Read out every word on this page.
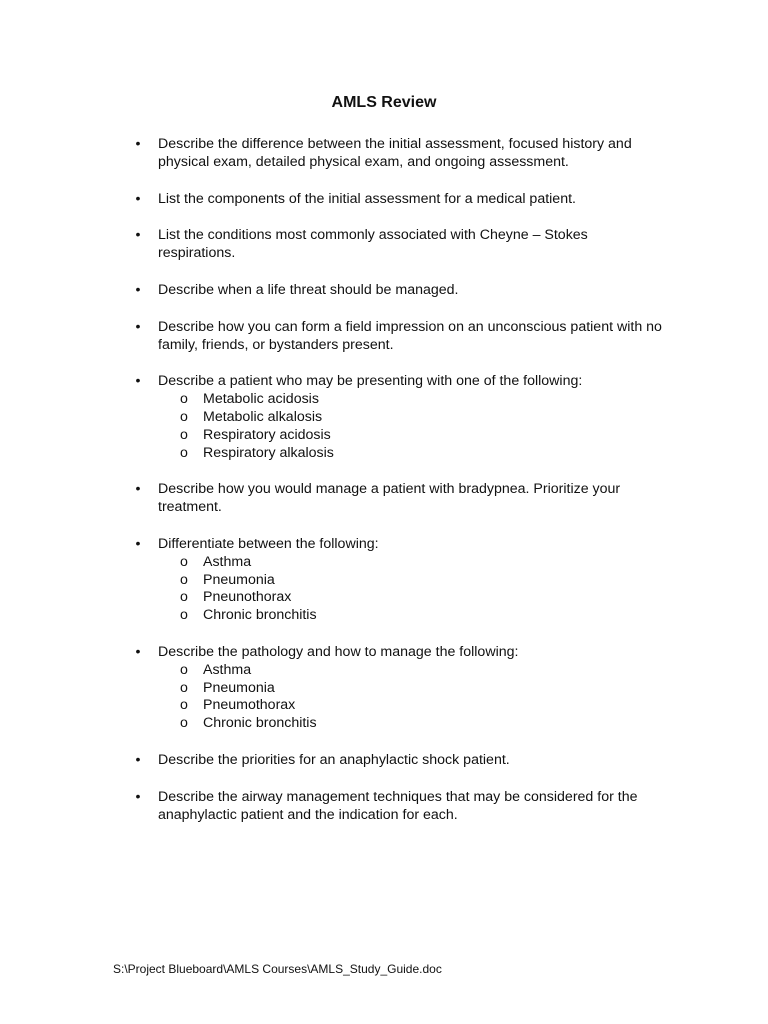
AMLS Review
• Describe the difference between the initial assessment, focused history and physical exam, detailed physical exam, and ongoing assessment.
• List the components of the initial assessment for a medical patient.
• List the conditions most commonly associated with Cheyne – Stokes respirations.
• Describe when a life threat should be managed.
• Describe how you can form a field impression on an unconscious patient with no family, friends, or bystanders present.
• Describe a patient who may be presenting with one of the following:
o Metabolic acidosis
o Metabolic alkalosis
o Respiratory acidosis
o Respiratory alkalosis
• Describe how you would manage a patient with bradypnea. Prioritize your treatment.
• Differentiate between the following:
o Asthma
o Pneumonia
o Pneunothorax
o Chronic bronchitis
• Describe the pathology and how to manage the following:
o Asthma
o Pneumonia
o Pneumothorax
o Chronic bronchitis
• Describe the priorities for an anaphylactic shock patient.
• Describe the airway management techniques that may be considered for the anaphylactic patient and the indication for each.
S:\Project Blueboard\AMLS Courses\AMLS_Study_Guide.doc
